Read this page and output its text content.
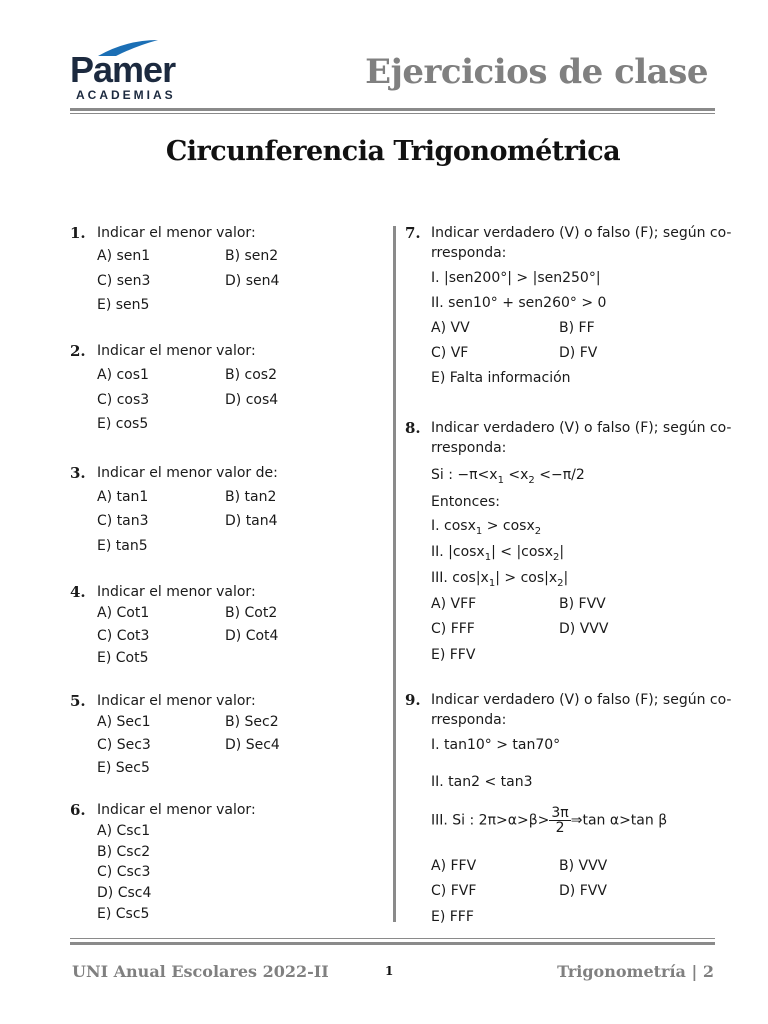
Pamer
ACADEMIAS
Ejercicios de clase
Circunferencia Trigonométrica
1. Indicar el menor valor:
A) sen1	B) sen2
C) sen3	D) sen4
E) sen5
2. Indicar el menor valor:
A) cos1	B) cos2
C) cos3	D) cos4
E) cos5
3. Indicar el menor valor de:
A) tan1	B) tan2
C) tan3	D) tan4
E) tan5
4. Indicar el menor valor:
A) Cot1	B) Cot2
C) Cot3	D) Cot4
E) Cot5
5. Indicar el menor valor:
A) Sec1	B) Sec2
C) Sec3	D) Sec4
E) Sec5
6. Indicar el menor valor:
A) Csc1
B) Csc2
C) Csc3
D) Csc4
E) Csc5
7. Indicar verdadero (V) o falso (F); según co-
rresponda:
I. |sen200°| > |sen250°|
II. sen10° + sen260° > 0
A) VV	B) FF
C) VF	D) FV
E) Falta información
8. Indicar verdadero (V) o falso (F); según co-
rresponda:
Si : $-\pi<x_1 <x_2 <-\pi/2$
Entonces:
I. cosx$_1$ > cosx$_2$
II. |cosx$_1$| < |cosx$_2$|
III. $\cos|x_1| > \cos|x_2|$
A) VFF	B) FVV
C) FFF	D) VVV
E) FFV
9. Indicar verdadero (V) o falso (F); según co-
rresponda:
I. tan10° > tan70°
II. tan2 < tan3
III. Si : $2\pi>\alpha>\beta> \frac{3\pi}{2}$ ⇒tan α>tan β
A) FFV	B) VVV
C) FVF	D) FVV
E) FFF
UNI Anual Escolares 2022-II	1	Trigonometría | 2
